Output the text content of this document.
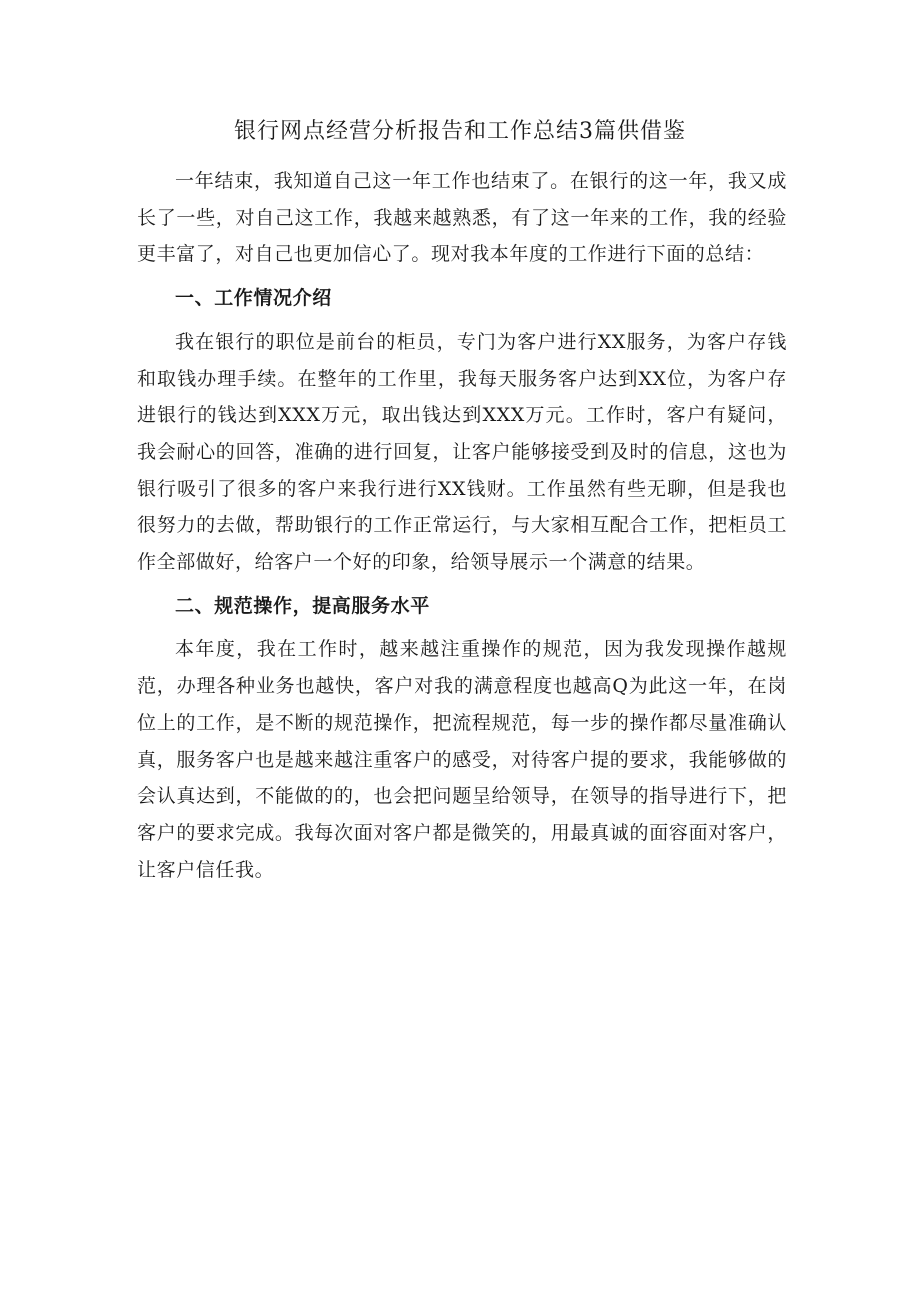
银行网点经营分析报告和工作总结3篇供借鉴

一年结束，我知道自己这一年工作也结束了。在银行的这一年，我又成长了一些，对自己这工作，我越来越熟悉，有了这一年来的工作，我的经验更丰富了，对自己也更加信心了。现对我本年度的工作进行下面的总结：

一、工作情况介绍

我在银行的职位是前台的柜员，专门为客户进行XX服务，为客户存钱和取钱办理手续。在整年的工作里，我每天服务客户达到XX位，为客户存进银行的钱达到XXX万元，取出钱达到XXX万元。工作时，客户有疑问，我会耐心的回答，准确的进行回复，让客户能够接受到及时的信息，这也为银行吸引了很多的客户来我行进行XX钱财。工作虽然有些无聊，但是我也很努力的去做，帮助银行的工作正常运行，与大家相互配合工作，把柜员工作全部做好，给客户一个好的印象，给领导展示一个满意的结果。

二、规范操作，提高服务水平

本年度，我在工作时，越来越注重操作的规范，因为我发现操作越规范，办理各种业务也越快，客户对我的满意程度也越高Q为此这一年，在岗位上的工作，是不断的规范操作，把流程规范，每一步的操作都尽量准确认真，服务客户也是越来越注重客户的感受，对待客户提的要求，我能够做的会认真达到，不能做的的，也会把问题呈给领导，在领导的指导进行下，把客户的要求完成。我每次面对客户都是微笑的，用最真诚的面容面对客户，让客户信任我。
